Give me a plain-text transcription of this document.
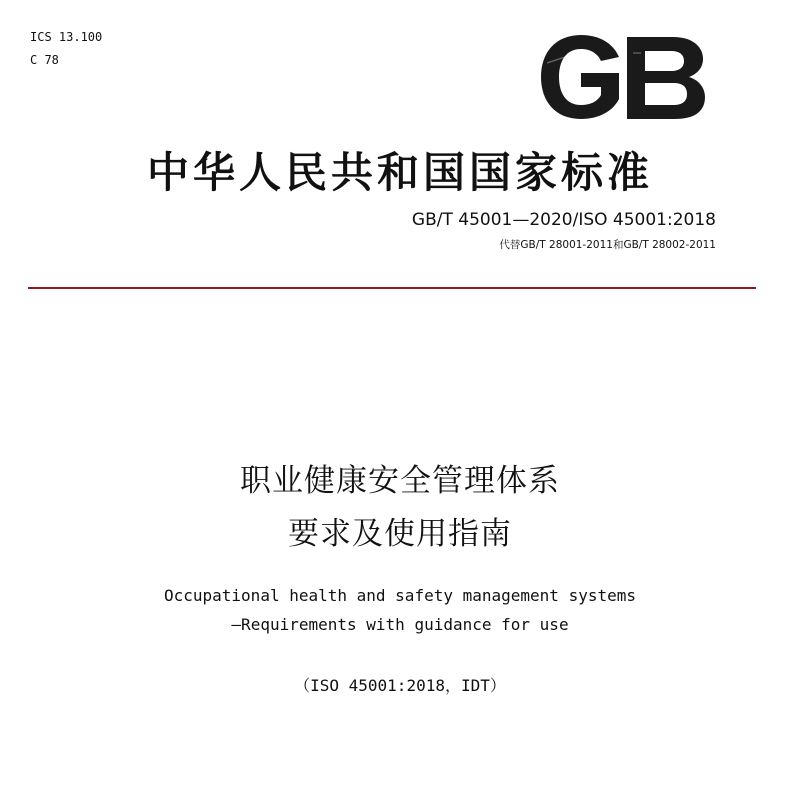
ICS 13.100
C 78
中华人民共和国国家标准
GB/T 45001—2020/ISO 45001:2018
代替GB/T 28001-2011和GB/T 28002-2011
职业健康安全管理体系
要求及使用指南
Occupational health and safety management systems
—Requirements with guidance for use
（ISO 45001:2018，IDT）
